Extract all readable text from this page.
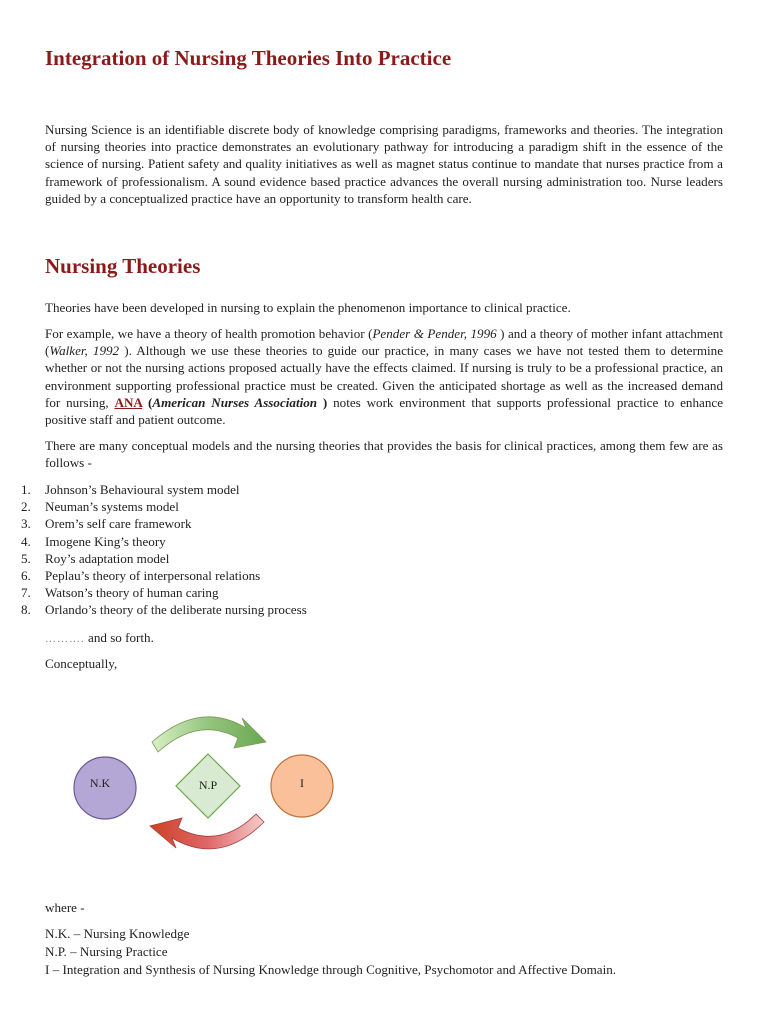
Integration of Nursing Theories Into Practice

Nursing Science is an identifiable discrete body of knowledge comprising paradigms, frameworks and theories. The integration of nursing theories into practice demonstrates an evolutionary pathway for introducing a paradigm shift in the essence of the science of nursing. Patient safety and quality initiatives as well as magnet status continue to mandate that nurses practice from a framework of professionalism. A sound evidence based practice advances the overall nursing administration too. Nurse leaders guided by a conceptualized practice have an opportunity to transform health care.

Nursing Theories

Theories have been developed in nursing to explain the phenomenon importance to clinical practice.

For example, we have a theory of health promotion behavior (Pender & Pender, 1996 ) and a theory of mother infant attachment (Walker, 1992 ). Although we use these theories to guide our practice, in many cases we have not tested them to determine whether or not the nursing actions proposed actually have the effects claimed. If nursing is truly to be a professional practice, an environment supporting professional practice must be created. Given the anticipated shortage as well as the increased demand for nursing, ANA (American Nurses Association ) notes work environment that supports professional practice to enhance positive staff and patient outcome.

There are many conceptual models and the nursing theories that provides the basis for clinical practices, among them few are as follows -

1.	Johnson’s Behavioural system model
2.	Neuman’s systems model
3.	Orem’s self care framework
4.	Imogene King’s theory
5.	Roy’s adaptation model
6.	Peplau’s theory of interpersonal relations
7.	Watson’s theory of human caring
8.	Orlando’s theory of the deliberate nursing process

………. and so forth.

Conceptually,

N.K	N.P	I

where -

N.K. – Nursing Knowledge
N.P. – Nursing Practice
I – Integration and Synthesis of Nursing Knowledge through Cognitive, Psychomotor and Affective Domain.
